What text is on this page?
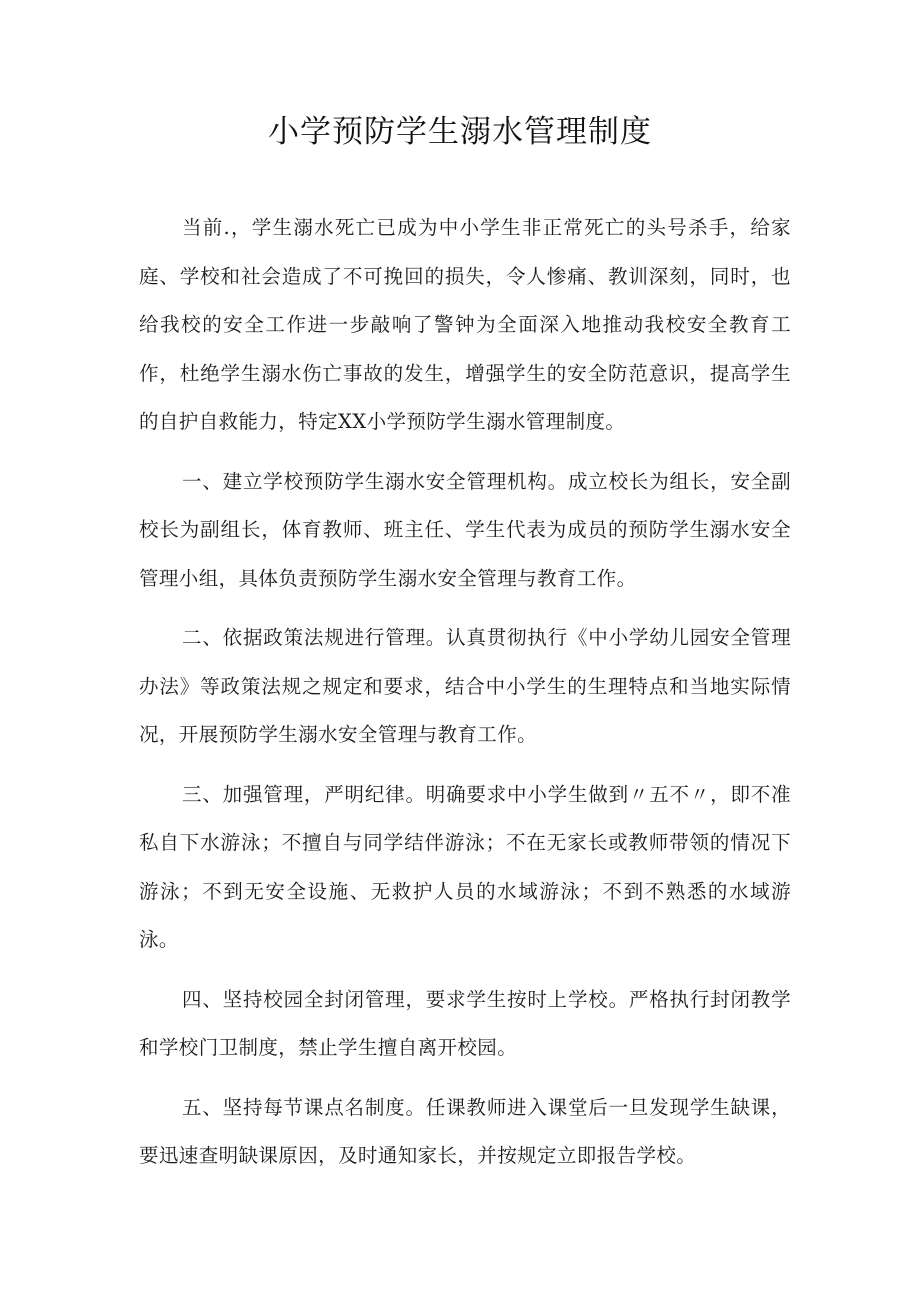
小学预防学生溺水管理制度

当前.，学生溺水死亡已成为中小学生非正常死亡的头号杀手，给家庭、学校和社会造成了不可挽回的损失，令人惨痛、教训深刻，同时，也给我校的安全工作进一步敲响了警钟为全面深入地推动我校安全教育工作，杜绝学生溺水伤亡事故的发生，增强学生的安全防范意识，提高学生的自护自救能力，特定XX小学预防学生溺水管理制度。

一、建立学校预防学生溺水安全管理机构。成立校长为组长，安全副校长为副组长，体育教师、班主任、学生代表为成员的预防学生溺水安全管理小组，具体负责预防学生溺水安全管理与教育工作。

二、依据政策法规进行管理。认真贯彻执行《中小学幼儿园安全管理办法》等政策法规之规定和要求，结合中小学生的生理特点和当地实际情况，开展预防学生溺水安全管理与教育工作。

三、加强管理，严明纪律。明确要求中小学生做到〃五不〃，即不准私自下水游泳；不擅自与同学结伴游泳；不在无家长或教师带领的情况下游泳；不到无安全设施、无救护人员的水域游泳；不到不熟悉的水域游泳。

四、坚持校园全封闭管理，要求学生按时上学校。严格执行封闭教学和学校门卫制度，禁止学生擅自离开校园。

五、坚持每节课点名制度。任课教师进入课堂后一旦发现学生缺课，要迅速查明缺课原因，及时通知家长，并按规定立即报告学校。
